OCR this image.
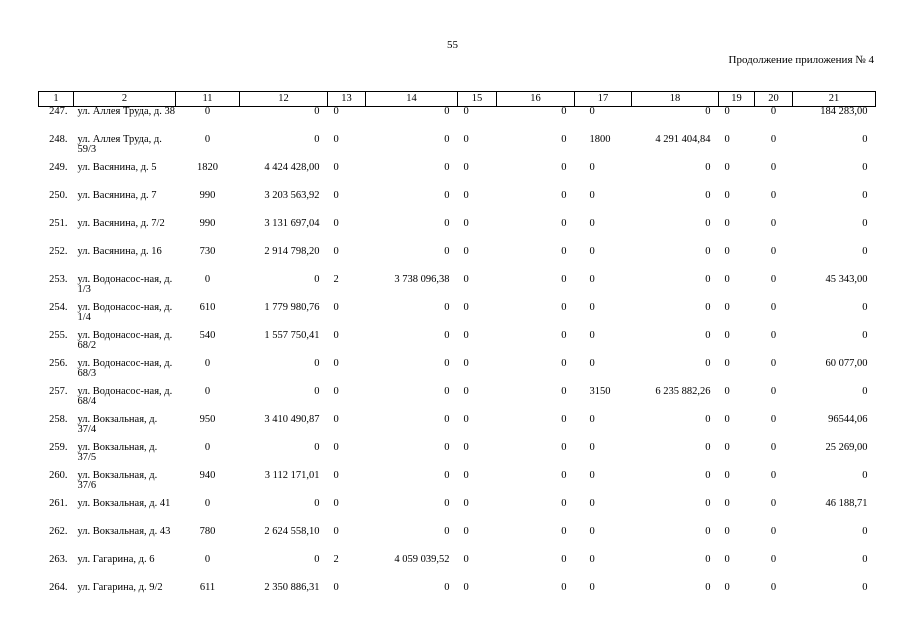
55
Продолжение приложения № 4
1	2	11	12	13	14	15	16	17	18	19	20	21
247.	ул. Аллея Труда, д. 38	0	0	0	0	0	0	0	0	0	0	184 283,00
248.	ул. Аллея Труда, д. 59/3	0	0	0	0	0	0	1800	4 291 404,84	0	0	0
249.	ул. Васянина, д. 5	1820	4 424 428,00	0	0	0	0	0	0	0	0	0
250.	ул. Васянина, д. 7	990	3 203 563,92	0	0	0	0	0	0	0	0	0
251.	ул. Васянина, д. 7/2	990	3 131 697,04	0	0	0	0	0	0	0	0	0
252.	ул. Васянина, д. 16	730	2 914 798,20	0	0	0	0	0	0	0	0	0
253.	ул. Водонасос-ная, д. 1/3	0	0	2	3 738 096,38	0	0	0	0	0	0	45 343,00
254.	ул. Водонасос-ная, д. 1/4	610	1 779 980,76	0	0	0	0	0	0	0	0	0
255.	ул. Водонасос-ная, д. 68/2	540	1 557 750,41	0	0	0	0	0	0	0	0	0
256.	ул. Водонасос-ная, д. 68/3	0	0	0	0	0	0	0	0	0	0	60 077,00
257.	ул. Водонасос-ная, д. 68/4	0	0	0	0	0	0	3150	6 235 882,26	0	0	0
258.	ул. Вокзальная, д. 37/4	950	3 410 490,87	0	0	0	0	0	0	0	0	96544,06
259.	ул. Вокзальная, д. 37/5	0	0	0	0	0	0	0	0	0	0	25 269,00
260.	ул. Вокзальная, д. 37/6	940	3 112 171,01	0	0	0	0	0	0	0	0	0
261.	ул. Вокзальная, д. 41	0	0	0	0	0	0	0	0	0	0	46 188,71
262.	ул. Вокзальная, д. 43	780	2 624 558,10	0	0	0	0	0	0	0	0	0
263.	ул. Гагарина, д. 6	0	0	2	4 059 039,52	0	0	0	0	0	0	0
264.	ул. Гагарина, д. 9/2	611	2 350 886,31	0	0	0	0	0	0	0	0	0
